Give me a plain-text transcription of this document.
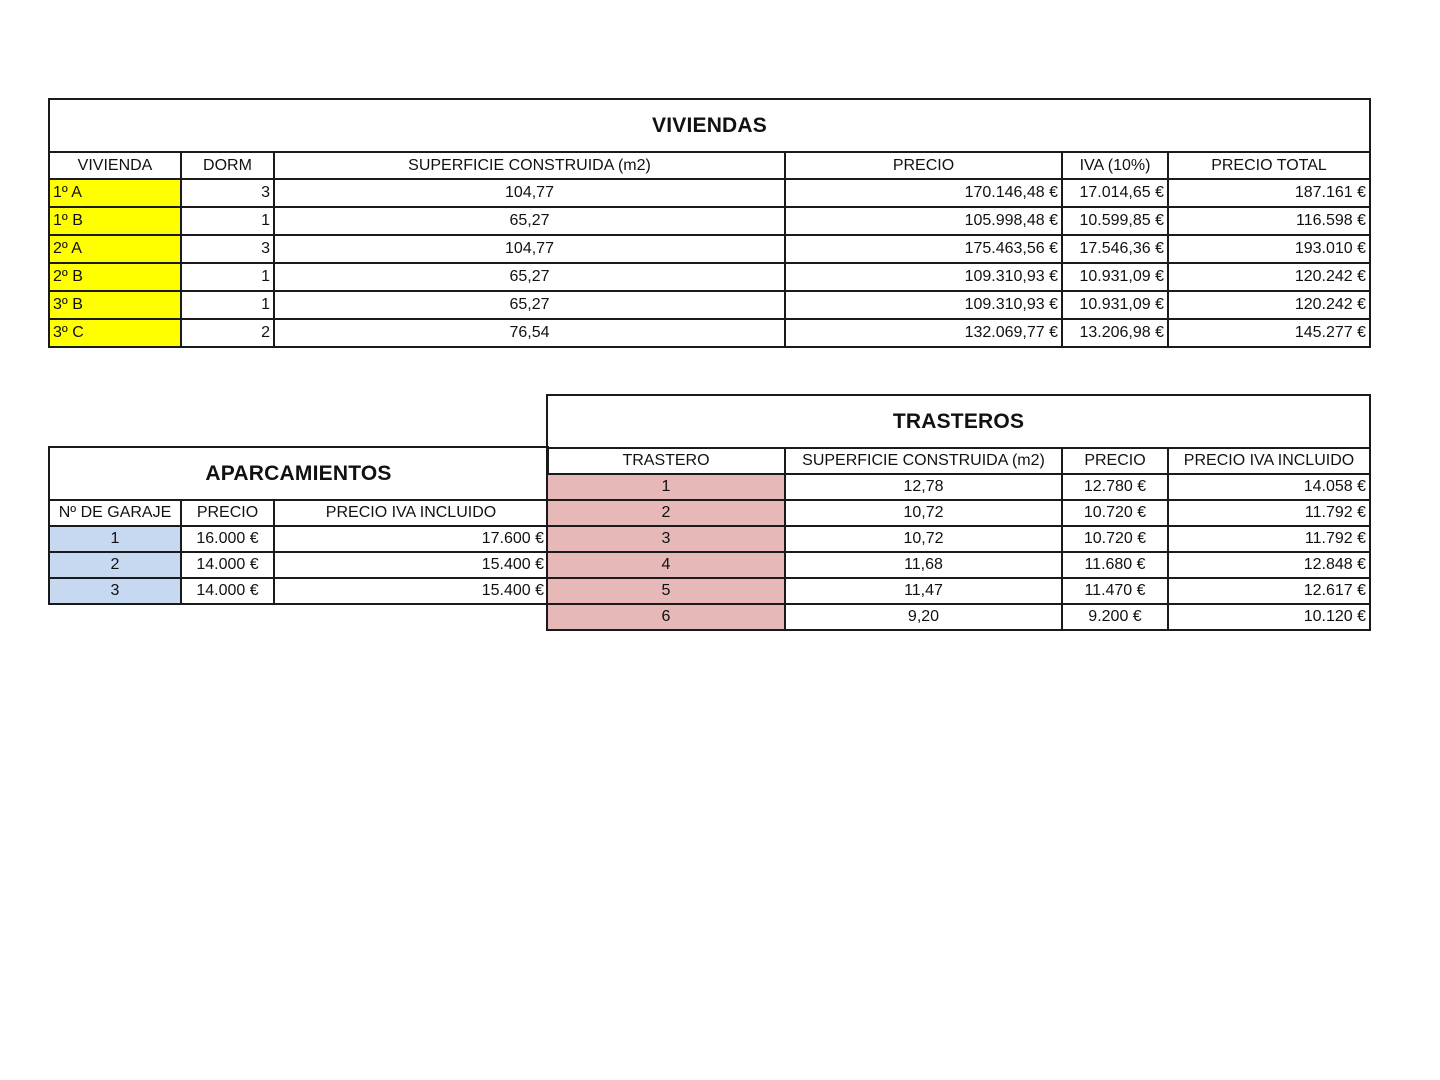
VIVIENDAS					
VIVIENDA	DORM	SUPERFICIE CONSTRUIDA (m2)	PRECIO	IVA (10%)	PRECIO TOTAL
1º A	3	104,77	170.146,48 €	17.014,65 €	187.161 €
1º B	1	65,27	105.998,48 €	10.599,85 €	116.598 €
2º A	3	104,77	175.463,56 €	17.546,36 €	193.010 €
2º B	1	65,27	109.310,93 €	10.931,09 €	120.242 €
3º B	1	65,27	109.310,93 €	10.931,09 €	120.242 €
3º C	2	76,54	132.069,77 €	13.206,98 €	145.277 €
APARCAMIENTOS		
Nº DE GARAJE	PRECIO	PRECIO IVA INCLUIDO
1	16.000 €	17.600 €
2	14.000 €	15.400 €
3	14.000 €	15.400 €
TRASTEROS			
TRASTERO	SUPERFICIE CONSTRUIDA (m2)	PRECIO	PRECIO IVA INCLUIDO
1	12,78	12.780 €	14.058 €
2	10,72	10.720 €	11.792 €
3	10,72	10.720 €	11.792 €
4	11,68	11.680 €	12.848 €
5	11,47	11.470 €	12.617 €
6	9,20	9.200 €	10.120 €
